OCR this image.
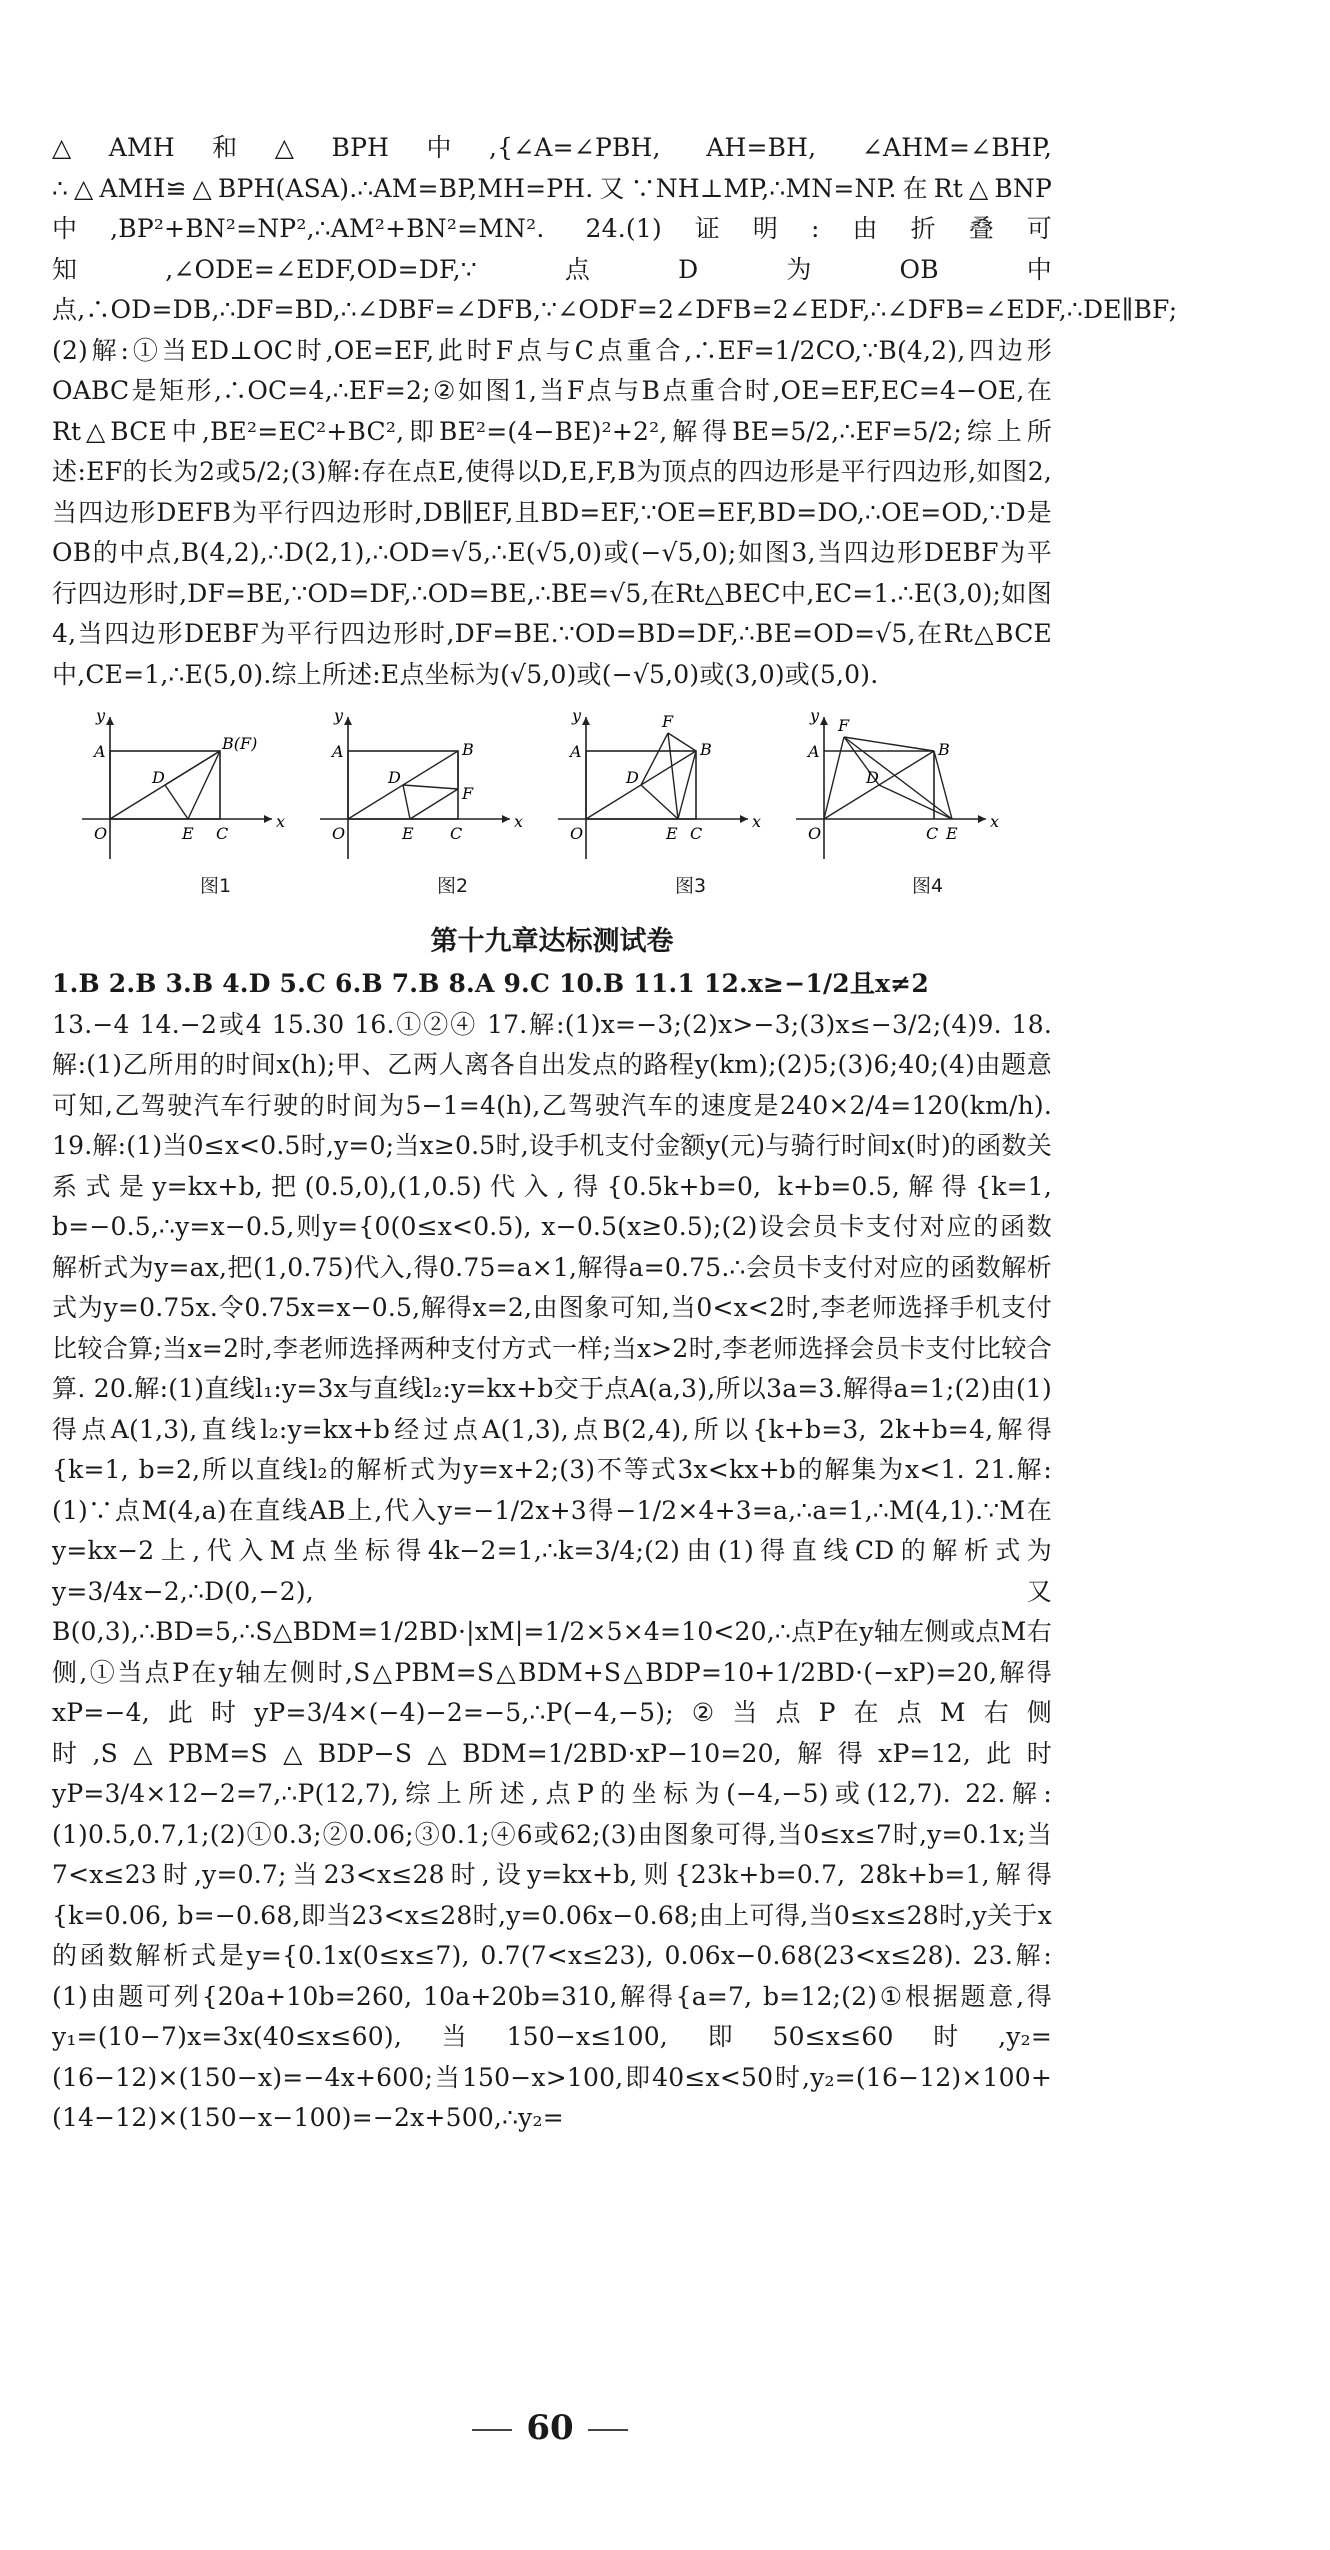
△AMH和△BPH中,{∠A=∠PBH, AH=BH, ∠AHM=∠BHP, ∴△AMH≌△BPH(ASA).∴AM=BP,MH=PH.又∵NH⊥MP,∴MN=NP.在Rt△BNP中,BP²+BN²=NP²,∴AM²+BN²=MN². 24.(1)证明:由折叠可知,∠ODE=∠EDF,OD=DF,∵点D为OB中点,∴OD=DB,∴DF=BD,∴∠DBF=∠DFB,∵∠ODF=2∠DFB=2∠EDF,∴∠DFB=∠EDF,∴DE∥BF;(2)解:①当ED⊥OC时,OE=EF,此时F点与C点重合,∴EF=1/2CO,∵B(4,2),四边形OABC是矩形,∴OC=4,∴EF=2;②如图1,当F点与B点重合时,OE=EF,EC=4−OE,在Rt△BCE中,BE²=EC²+BC²,即BE²=(4−BE)²+2²,解得BE=5/2,∴EF=5/2;综上所述:EF的长为2或5/2;(3)解:存在点E,使得以D,E,F,B为顶点的四边形是平行四边形,如图2,当四边形DEFB为平行四边形时,DB∥EF,且BD=EF,∵OE=EF,BD=DO,∴OE=OD,∵D是OB的中点,B(4,2),∴D(2,1),∴OD=√5,∴E(√5,0)或(−√5,0);如图3,当四边形DEBF为平行四边形时,DF=BE,∵OD=DF,∴OD=BE,∴BE=√5,在Rt△BEC中,EC=1.∴E(3,0);如图4,当四边形DEBF为平行四边形时,DF=BE.∵OD=BD=DF,∴BE=OD=√5,在Rt△BCE中,CE=1,∴E(5,0).综上所述:E点坐标为(√5,0)或(−√5,0)或(3,0)或(5,0).

y
x
O
A	B(F)
D
E C
图1
y
x
O
A	B
F
D
E C
图2
y
x
O
A	B
F
D
E C
图3
y
x
O
A	B
F
D
C E
图4
第十九章达标测试卷

1.B 2.B 3.B 4.D 5.C 6.B 7.B 8.A 9.C 10.B 11.1 12.x≥−1/2且x≠2

13.−4 14.−2或4 15.30 16.①②④ 17.解:(1)x=−3;(2)x>−3;(3)x≤−3/2;(4)9. 18.解:(1)乙所用的时间x(h);甲、乙两人离各自出发点的路程y(km);(2)5;(3)6;40;(4)由题意可知,乙驾驶汽车行驶的时间为5−1=4(h),乙驾驶汽车的速度是240×2/4=120(km/h). 19.解:(1)当0≤x<0.5时,y=0;当x≥0.5时,设手机支付金额y(元)与骑行时间x(时)的函数关系式是y=kx+b,把(0.5,0),(1,0.5)代入,得{0.5k+b=0, k+b=0.5,解得{k=1, b=−0.5,∴y=x−0.5,则y={0(0≤x<0.5), x−0.5(x≥0.5);(2)设会员卡支付对应的函数解析式为y=ax,把(1,0.75)代入,得0.75=a×1,解得a=0.75.∴会员卡支付对应的函数解析式为y=0.75x.令0.75x=x−0.5,解得x=2,由图象可知,当0<x<2时,李老师选择手机支付比较合算;当x=2时,李老师选择两种支付方式一样;当x>2时,李老师选择会员卡支付比较合算. 20.解:(1)直线l₁:y=3x与直线l₂:y=kx+b交于点A(a,3),所以3a=3.解得a=1;(2)由(1)得点A(1,3),直线l₂:y=kx+b经过点A(1,3),点B(2,4),所以{k+b=3, 2k+b=4,解得{k=1, b=2,所以直线l₂的解析式为y=x+2;(3)不等式3x<kx+b的解集为x<1. 21.解:(1)∵点M(4,a)在直线AB上,代入y=−1/2x+3得−1/2×4+3=a,∴a=1,∴M(4,1).∵M在y=kx−2上,代入M点坐标得4k−2=1,∴k=3/4;(2)由(1)得直线CD的解析式为y=3/4x−2,∴D(0,−2),又B(0,3),∴BD=5,∴S△BDM=1/2BD·|xM|=1/2×5×4=10<20,∴点P在y轴左侧或点M右侧,①当点P在y轴左侧时,S△PBM=S△BDM+S△BDP=10+1/2BD·(−xP)=20,解得xP=−4,此时yP=3/4×(−4)−2=−5,∴P(−4,−5);②当点P在点M右侧时,S△PBM=S△BDP−S△BDM=1/2BD·xP−10=20,解得xP=12,此时yP=3/4×12−2=7,∴P(12,7),综上所述,点P的坐标为(−4,−5)或(12,7). 22.解:(1)0.5,0.7,1;(2)①0.3;②0.06;③0.1;④6或62;(3)由图象可得,当0≤x≤7时,y=0.1x;当7<x≤23时,y=0.7;当23<x≤28时,设y=kx+b,则{23k+b=0.7, 28k+b=1,解得{k=0.06, b=−0.68,即当23<x≤28时,y=0.06x−0.68;由上可得,当0≤x≤28时,y关于x的函数解析式是y={0.1x(0≤x≤7), 0.7(7<x≤23), 0.06x−0.68(23<x≤28). 23.解:(1)由题可列{20a+10b=260, 10a+20b=310,解得{a=7, b=12;(2)①根据题意,得y₁=(10−7)x=3x(40≤x≤60),当150−x≤100,即50≤x≤60时,y₂=(16−12)×(150−x)=−4x+600;当150−x>100,即40≤x<50时,y₂=(16−12)×100+(14−12)×(150−x−100)=−2x+500,∴y₂=

60
